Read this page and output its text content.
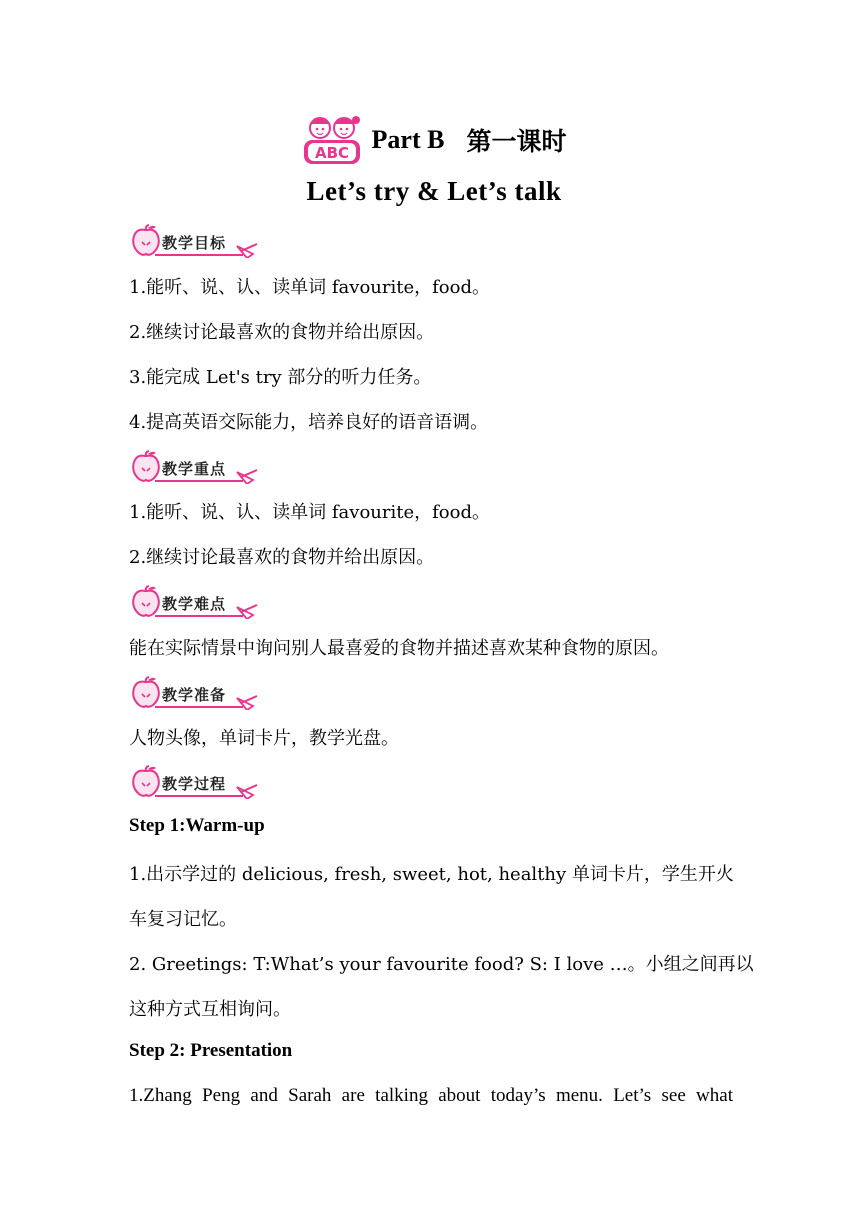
ABC Part B 第一课时
Let’s try & Let’s talk
教学目标
1.能听、说、认、读单词 favourite，food。
2.继续讨论最喜欢的食物并给出原因。
3.能完成 Let's try 部分的听力任务。
4.提高英语交际能力，培养良好的语音语调。
教学重点
1.能听、说、认、读单词 favourite，food。
2.继续讨论最喜欢的食物并给出原因。
教学难点
能在实际情景中询问别人最喜爱的食物并描述喜欢某种食物的原因。
教学准备
人物头像，单词卡片，教学光盘。
教学过程
Step 1:Warm-up
1.出示学过的 delicious, fresh, sweet, hot, healthy 单词卡片，学生开火
车复习记忆。
2. Greetings: T:What’s your favourite food? S: I love …。小组之间再以
这种方式互相询问。
Step 2: Presentation
1.Zhang Peng and Sarah are talking about today’s menu. Let’s see what
